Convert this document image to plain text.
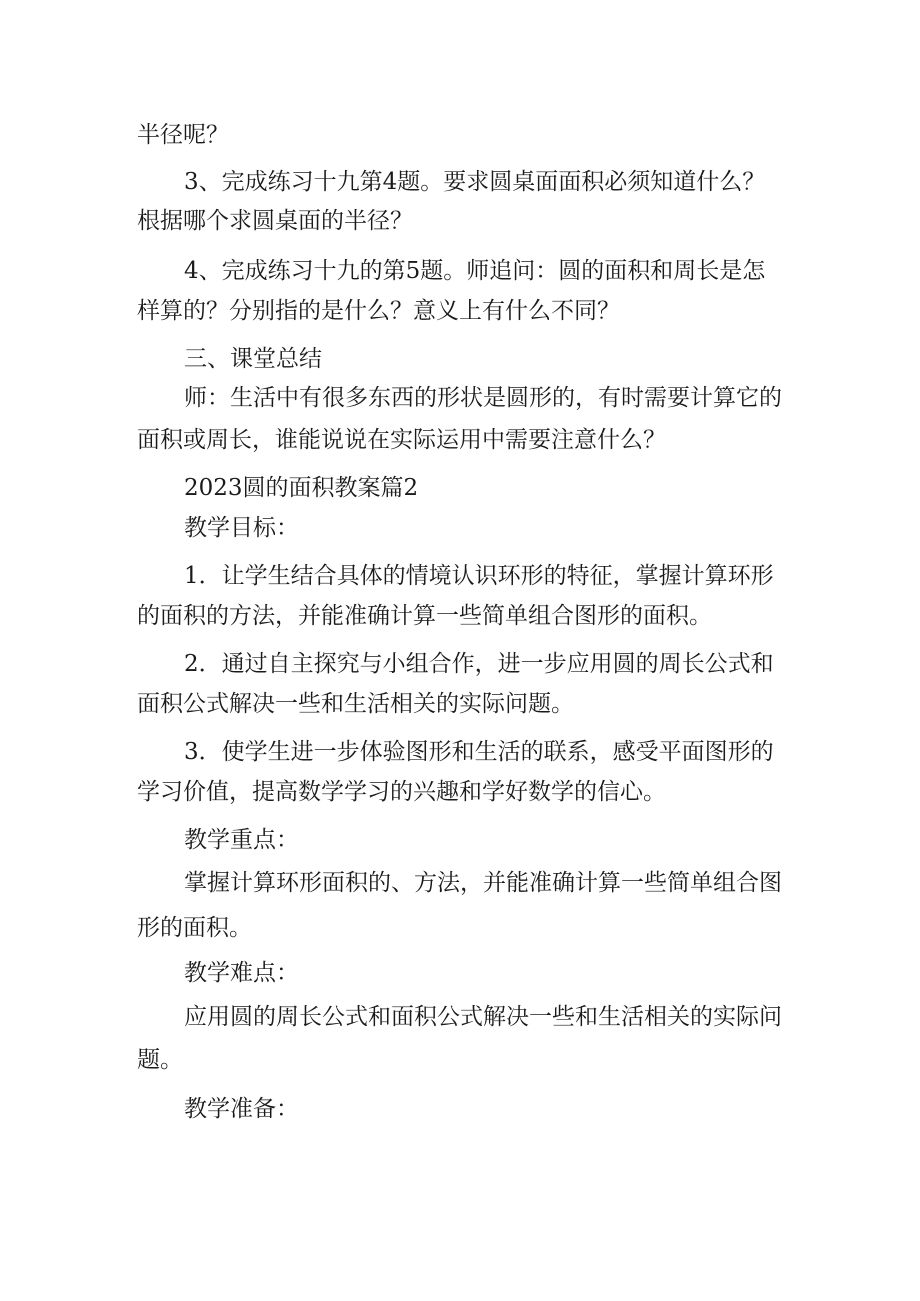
半径呢？
3、完成练习十九第4题。要求圆桌面面积必须知道什么？
根据哪个求圆桌面的半径？
4、完成练习十九的第5题。师追问：圆的面积和周长是怎
样算的？分别指的是什么？意义上有什么不同？
三、课堂总结
师：生活中有很多东西的形状是圆形的，有时需要计算它的
面积或周长，谁能说说在实际运用中需要注意什么？
2023圆的面积教案篇2
教学目标：
1．让学生结合具体的情境认识环形的特征，掌握计算环形
的面积的方法，并能准确计算一些简单组合图形的面积。
2．通过自主探究与小组合作，进一步应用圆的周长公式和
面积公式解决一些和生活相关的实际问题。
3．使学生进一步体验图形和生活的联系，感受平面图形的
学习价值，提高数学学习的兴趣和学好数学的信心。
教学重点：
掌握计算环形面积的、方法，并能准确计算一些简单组合图
形的面积。
教学难点：
应用圆的周长公式和面积公式解决一些和生活相关的实际问
题。
教学准备：
